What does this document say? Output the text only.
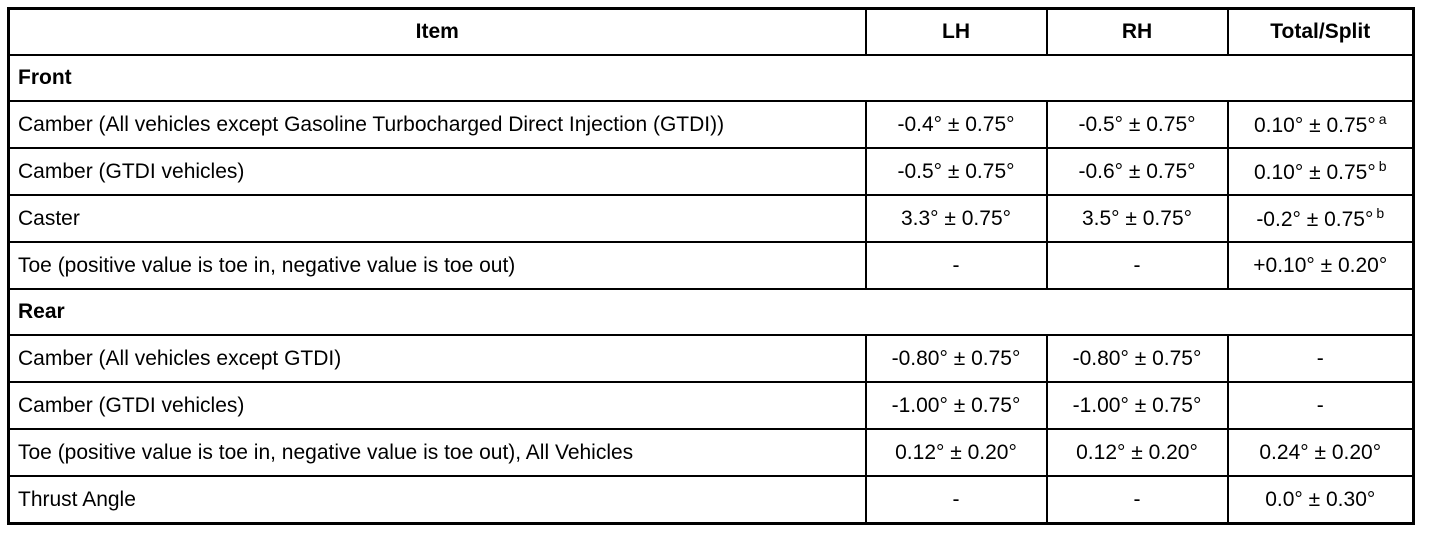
Item	LH	RH	Total/Split
Front			
Camber (All vehicles except Gasoline Turbocharged Direct Injection (GTDI))	-0.4° ± 0.75°	-0.5° ± 0.75°	0.10° ± 0.75° $^a$
Camber (GTDI vehicles)	-0.5° ± 0.75°	-0.6° ± 0.75°	0.10° ± 0.75° $^b$
Caster	3.3° ± 0.75°	3.5° ± 0.75°	-0.2° ± 0.75° $^b$
Toe (positive value is toe in, negative value is toe out)	-	-	+0.10° ± 0.20°
Rear			
Camber (All vehicles except GTDI)	-0.80° ± 0.75°	-0.80° ± 0.75°	-
Camber (GTDI vehicles)	-1.00° ± 0.75°	-1.00° ± 0.75°	-
Toe (positive value is toe in, negative value is toe out), All Vehicles	0.12° ± 0.20°	0.12° ± 0.20°	0.24° ± 0.20°
Thrust Angle	-	-	0.0° ± 0.30°
